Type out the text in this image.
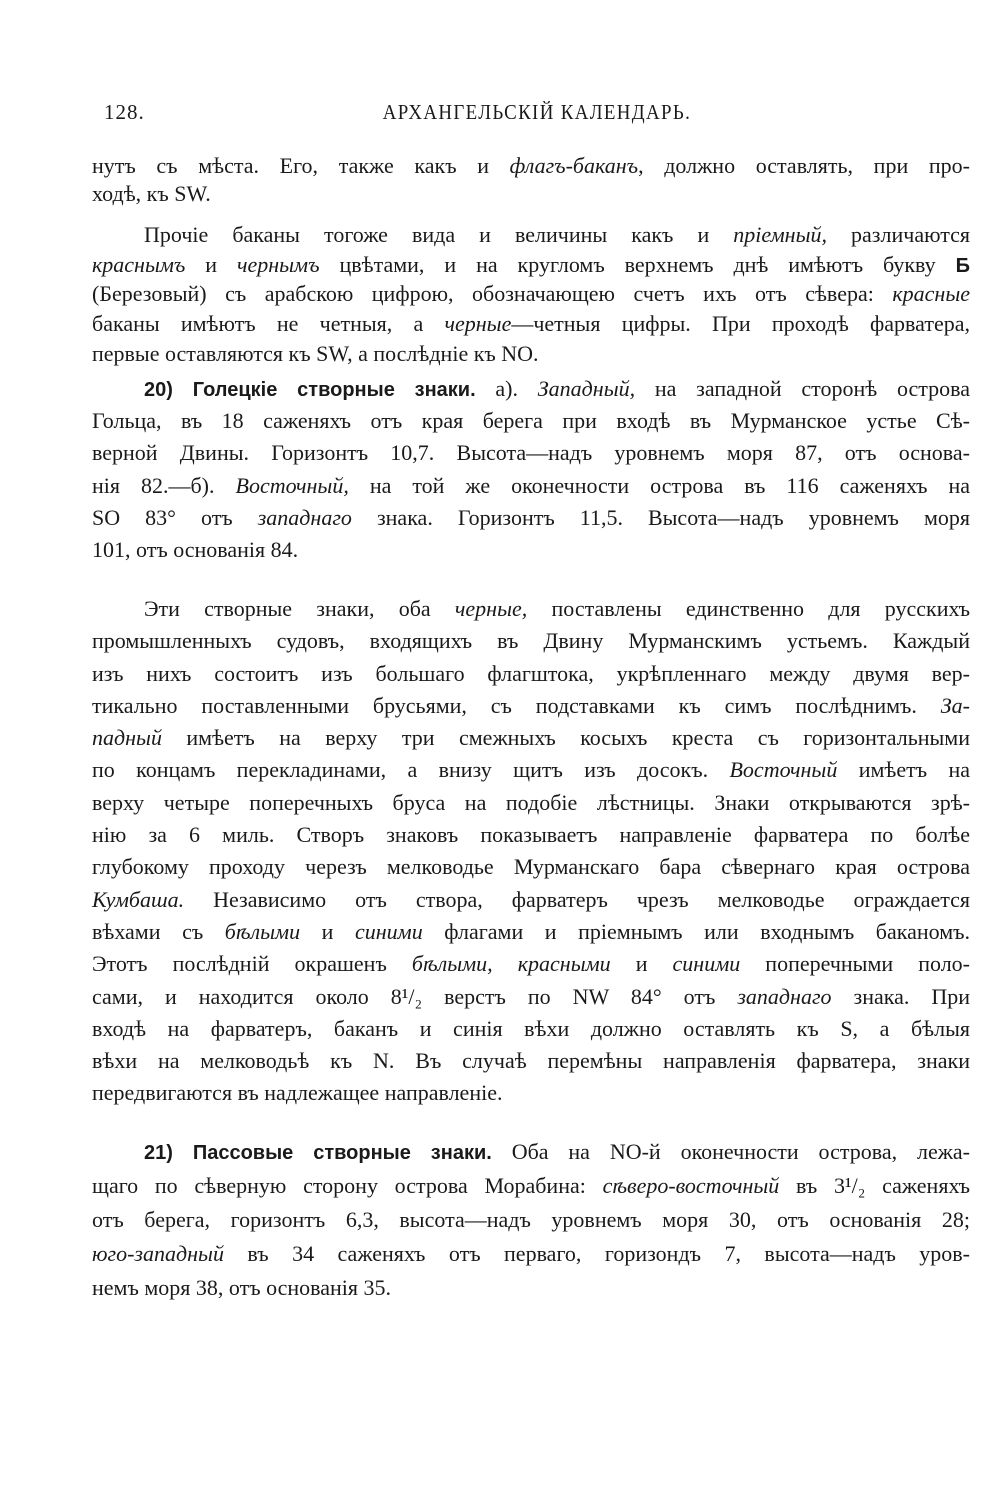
128.	АРХАНГЕЛЬСКІЙ КАЛЕНДАРЬ.
нутъ съ мѣста. Его, также какъ и флагъ-баканъ, должно оставлять, при про-
ходѣ, къ SW.
Прочіе баканы тогоже вида и величины какъ и пріемный, различаются
краснымъ и чернымъ цвѣтами, и на кругломъ верхнемъ днѣ имѣютъ букву Б
(Березовый) съ арабскою цифрою, обозначающею счетъ ихъ отъ сѣвера: красные
баканы имѣютъ не четныя, а черные—четныя цифры. При проходѣ фарватера,
первые оставляются къ SW, а послѣдніе къ NO.
20) Голецкіе створные знаки. а). Западный, на западной сторонѣ острова
Гольца, въ 18 саженяхъ отъ края берега при входѣ въ Мурманское устье Сѣ-
верной Двины. Горизонтъ 10,7. Высота—надъ уровнемъ моря 87, отъ основа-
нія 82.—б). Восточный, на той же оконечности острова въ 116 саженяхъ на
SO 83° отъ западнаго знака. Горизонтъ 11,5. Высота—надъ уровнемъ моря
101, отъ основанія 84.
Эти створные знаки, оба черные, поставлены единственно для русскихъ
промышленныхъ судовъ, входящихъ въ Двину Мурманскимъ устьемъ. Каждый
изъ нихъ состоитъ изъ большаго флагштока, укрѣпленнаго между двумя вер-
тикально поставленными брусьями, съ подставками къ симъ послѣднимъ. За-
падный имѣетъ на верху три смежныхъ косыхъ креста съ горизонтальными
по концамъ перекладинами, а внизу щитъ изъ досокъ. Восточный имѣетъ на
верху четыре поперечныхъ бруса на подобіе лѣстницы. Знаки открываются зрѣ-
нію за 6 миль. Створъ знаковъ показываетъ направленіе фарватера по болѣе
глубокому проходу черезъ мелководье Мурманскаго бара сѣвернаго края острова
Кумбаша. Независимо отъ створа, фарватеръ чрезъ мелководье ограждается
вѣхами съ бѣлыми и синими флагами и пріемнымъ или входнымъ баканомъ.
Этотъ послѣдній окрашенъ бѣлыми, красными и синими поперечными поло-
сами, и находится около 8¹/₂ верстъ по NW 84° отъ западнаго знака. При
входѣ на фарватеръ, баканъ и синія вѣхи должно оставлять къ S, а бѣлыя
вѣхи на мелководьѣ къ N. Въ случаѣ перемѣны направленія фарватера, знаки
передвигаются въ надлежащее направленіе.
21) Пассовые створные знаки. Оба на NO-й оконечности острова, лежа-
щаго по сѣверную сторону острова Морабина: сѣверо-восточный въ 3¹/₂ саженяхъ
отъ берега, горизонтъ 6,3, высота—надъ уровнемъ моря 30, отъ основанія 28;
юго-западный въ 34 саженяхъ отъ перваго, горизондъ 7, высота—надъ уров-
немъ моря 38, отъ основанія 35.
